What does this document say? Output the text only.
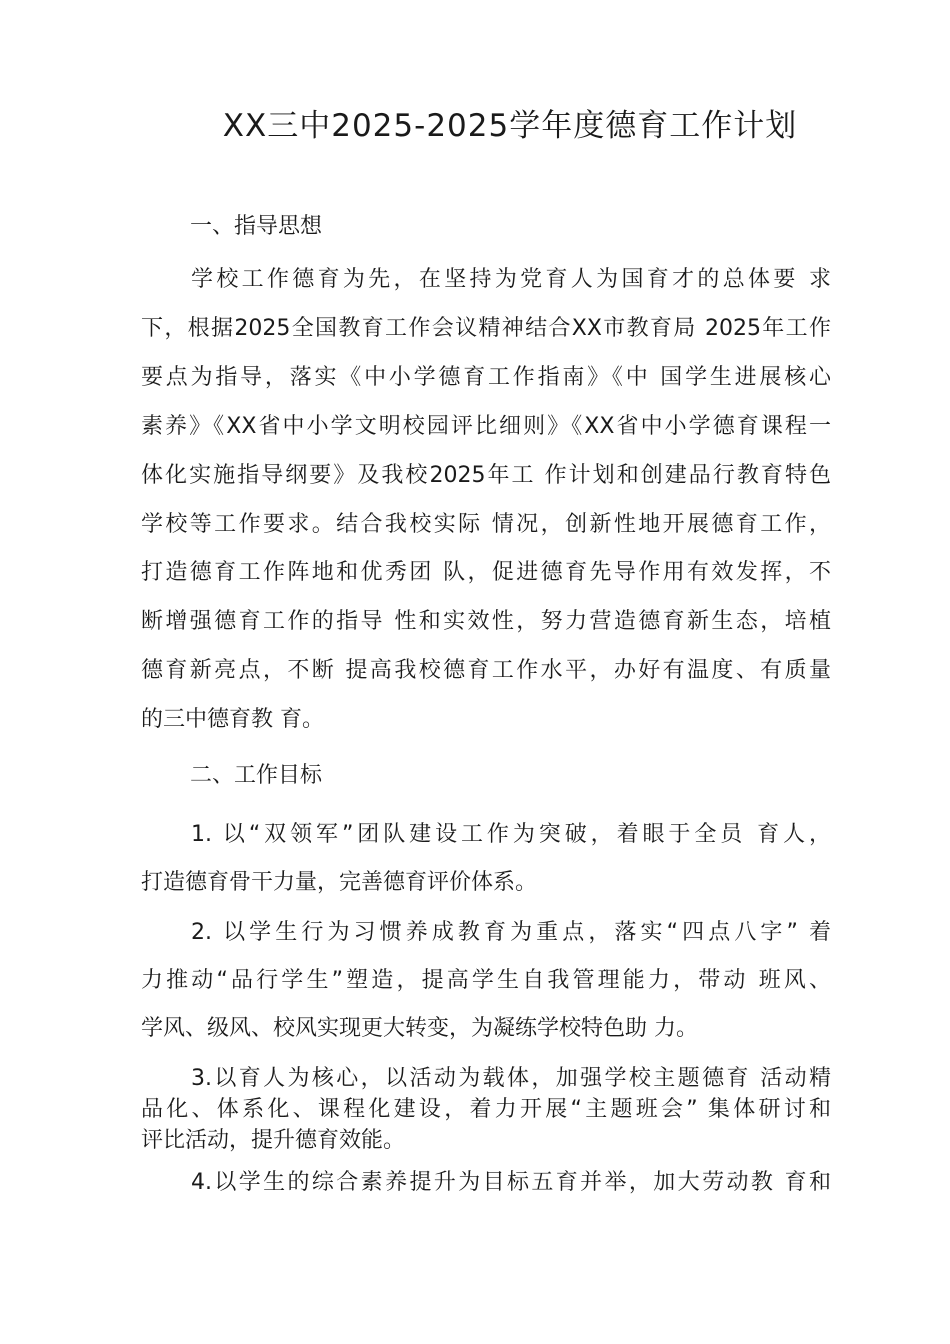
XX三中2025-2025学年度德育工作计划
一、指导思想
学校工作德育为先，在坚持为党育人为国育才的总体要 求
下，根据2025全国教育工作会议精神结合XX市教育局 2025年工作
要点为指导，落实《中小学德育工作指南》《中 国学生进展核心
素养》《XX省中小学文明校园评比细则》《XX省中小学德育课程一
体化实施指导纲要》及我校2025年工 作计划和创建品行教育特色
学校等工作要求。结合我校实际 情况，创新性地开展德育工作，
打造德育工作阵地和优秀团 队，促进德育先导作用有效发挥，不
断增强德育工作的指导 性和实效性，努力营造德育新生态，培植
德育新亮点，不断 提高我校德育工作水平，办好有温度、有质量
的三中德育教 育。
二、工作目标
1. 以“双领军”团队建设工作为突破，着眼于全员 育人，
打造德育骨干力量，完善德育评价体系。
2. 以学生行为习惯养成教育为重点，落实“四点八字” 着
力推动“品行学生”塑造，提高学生自我管理能力，带动 班风、
学风、级风、校风实现更大转变，为凝练学校特色助 力。
3.以育人为核心，以活动为载体，加强学校主题德育 活动精
品化、体系化、课程化建设，着力开展“主题班会” 集体研讨和
评比活动，提升德育效能。
4.以学生的综合素养提升为目标五育并举，加大劳动教 育和
